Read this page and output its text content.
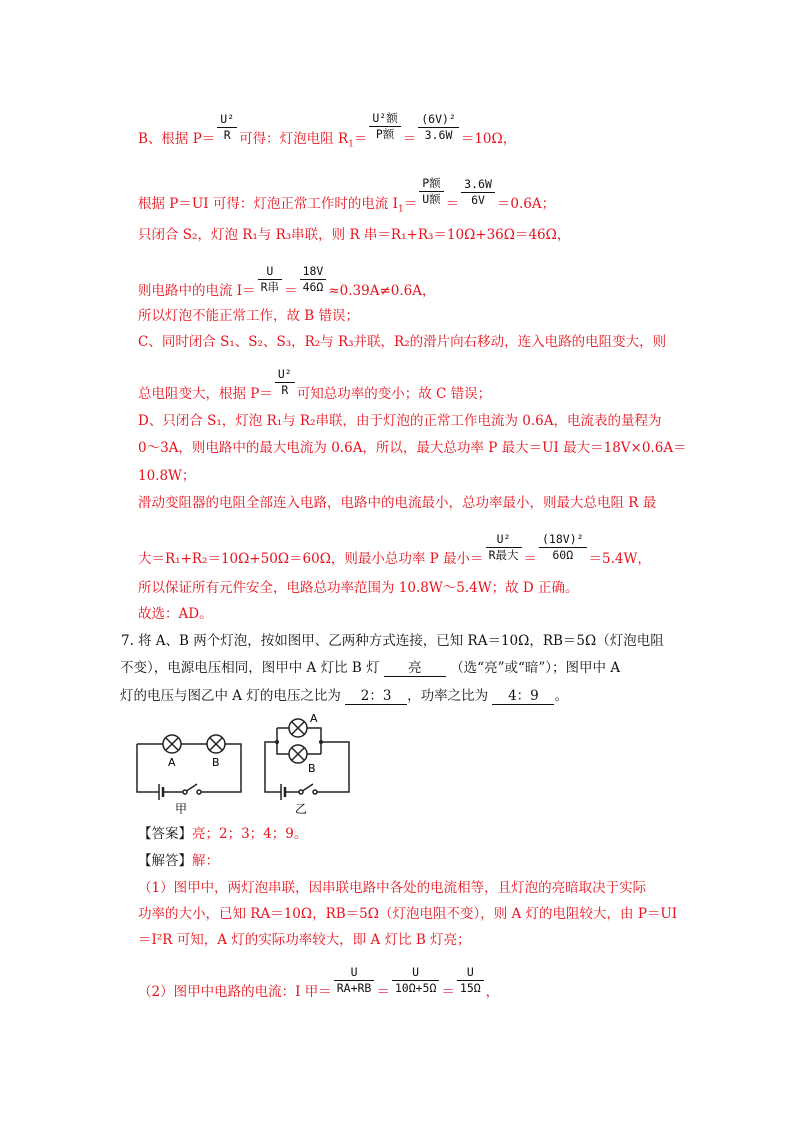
B、根据 $P= \frac{\text{U²}}{R}$ 可得：灯泡电阻 $R_1= \frac{\text{U²额}}{\text{P额}} = \frac{\text{(6V)²}}{3.6W} =10\Omega$，
根据 P＝UI 可得：灯泡正常工作时的电流 $I_1= \frac{\text{P额}}{\text{U额}} = \frac{3.6W}{6V} =0.6A$；
只闭合 S₂，灯泡 R₁与 R₃串联，则 R 串＝R₁+R₃＝10Ω+36Ω＝46Ω，
则电路中的电流 $I= \frac{U}{\text{R串}} = \frac{18V}{46\Omega} \approx 0.39A\ne 0.6A$，
所以灯泡不能正常工作，故 B 错误；
C、同时闭合 S₁、S₂、S₃，R₂与 R₃并联，R₂的滑片向右移动，连入电路的电阻变大，则
总电阻变大，根据 $P= \frac{\text{U²}}{R}$ 可知总功率的变小；故 C 错误；
D、只闭合 S₁，灯泡 R₁与 R₂串联，由于灯泡的正常工作电流为 0.6A，电流表的量程为
0～3A，则电路中的最大电流为 0.6A，所以，最大总功率 P 最大＝UI 最大＝18V×0.6A＝
10.8W；
滑动变阻器的电阻全部连入电路，电路中的电流最小，总功率最小，则最大总电阻 R 最
大＝R₁+R₂＝10Ω+50Ω＝60Ω，则最小总功率 P 最小＝ $\frac{\text{U²}}{\text{R最大}} = \frac{\text{(18V)²}}{60\Omega} =5.4W$，
所以保证所有元件安全，电路总功率范围为 10.8W～5.4W；故 D 正确。
故选：AD。
7. 将 A、B 两个灯泡，按如图甲、乙两种方式连接，已知 RA＝10Ω，RB＝5Ω（灯泡电阻
不变），电源电压相同，图甲中 A 灯比 B 灯 亮 （选“亮”或“暗”）；图甲中 A
灯的电压与图乙中 A 灯的电压之比为 2：3 ，功率之比为 4：9 。
A	B
甲
A
B
乙
【答案】亮；2；3；4；9。
【解答】解：
（1）图甲中，两灯泡串联，因串联电路中各处的电流相等，且灯泡的亮暗取决于实际
功率的大小，已知 RA＝10Ω，RB＝5Ω（灯泡电阻不变），则 A 灯的电阻较大，由 P＝UI
＝I²R 可知，A 灯的实际功率较大，即 A 灯比 B 灯亮；
（2）图甲中电路的电流：I 甲＝ $\frac{U}{RA+RB} = \frac{U}{10\Omega+5\Omega} = \frac{U}{15\Omega}$ ，
